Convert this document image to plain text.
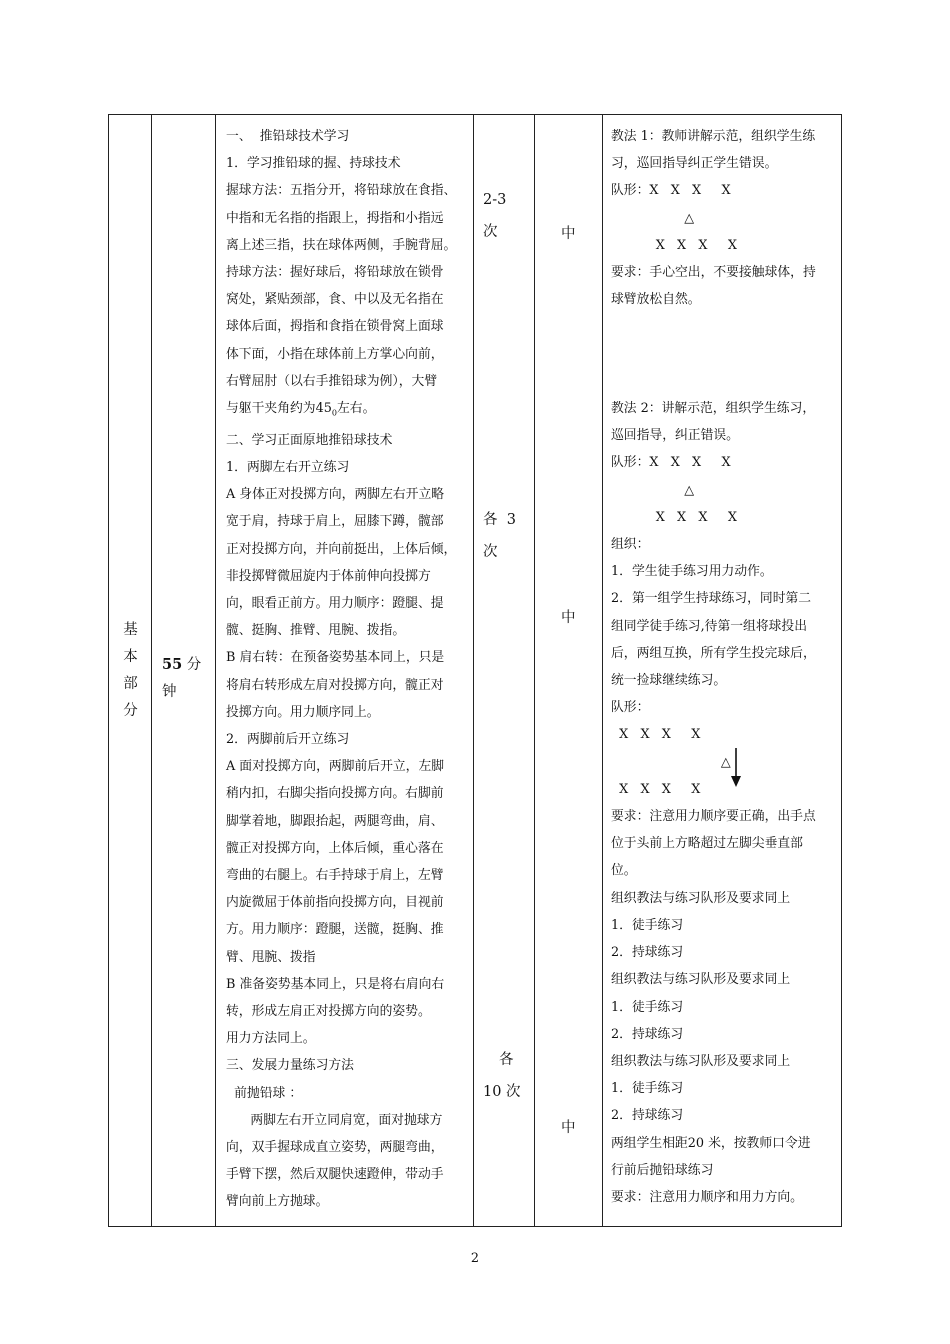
基
本
部
分
55 分
钟
一、  推铅球技术学习
1．学习推铅球的握、持球技术
握球方法：五指分开，将铅球放在食指、
中指和无名指的指跟上，拇指和小指远
离上述三指，扶在球体两侧，手腕背屈。
持球方法：握好球后，将铅球放在锁骨
窝处，紧贴颈部，食、中以及无名指在
球体后面，拇指和食指在锁骨窝上面球
体下面，小指在球体前上方掌心向前，
右臂屈肘（以右手推铅球为例），大臂
与躯干夹角约为$45_0$左右。
二、学习正面原地推铅球技术
1．两脚左右开立练习
A 身体正对投掷方向，两脚左右开立略
宽于肩，持球于肩上，屈膝下蹲，髋部
正对投掷方向，并向前挺出，上体后倾，
非投掷臂微屈旋内于体前伸向投掷方
向，眼看正前方。用力顺序：蹬腿、提
髋、挺胸、推臂、甩腕、拨指。
B 肩右转：在预备姿势基本同上，只是
将肩右转形成左肩对投掷方向，髋正对
投掷方向。用力顺序同上。
2．两脚前后开立练习
A 面对投掷方向，两脚前后开立，左脚
稍内扣，右脚尖指向投掷方向。右脚前
脚掌着地，脚跟抬起，两腿弯曲，肩、
髋正对投掷方向，上体后倾，重心落在
弯曲的右腿上。右手持球于肩上，左臂
内旋微屈于体前指向投掷方向，目视前
方。用力顺序：蹬腿，送髋，挺胸、推
臂、甩腕、拨指
B 准备姿势基本同上，只是将右肩向右
转，形成左肩正对投掷方向的姿势。
用力方法同上。
三、发展力量练习方法
前抛铅球 ：
两脚左右开立同肩宽，面对抛球方
向，双手握球成直立姿势，两腿弯曲，
手臂下摆，然后双腿快速蹬伸，带动手
臂向前上方抛球。
2-3
次
各  3
次
各
10 次
中
中
中
教法 1：教师讲解示范，组织学生练
习，巡回指导纠正学生错误。
队形：X   X   X     X
△
X   X   X     X
要求：手心空出，不要接触球体，持
球臂放松自然。

教法 2：讲解示范，组织学生练习，
巡回指导，纠正错误。
队形：X   X   X     X
△
X   X   X     X
组织：
1．学生徒手练习用力动作。
2．第一组学生持球练习，同时第二
组同学徒手练习,待第一组将球投出
后，两组互换，所有学生投完球后，
统一捡球继续练习。
队形：
X   X   X     X
△
X   X   X     X
要求：注意用力顺序要正确，出手点
位于头前上方略超过左脚尖垂直部
位。
组织教法与练习队形及要求同上
1．徒手练习
2．持球练习
组织教法与练习队形及要求同上
1．徒手练习
2．持球练习
组织教法与练习队形及要求同上
1．徒手练习
2．持球练习
两组学生相距20 米，按教师口令进
行前后抛铅球练习
要求：注意用力顺序和用力方向。
2
